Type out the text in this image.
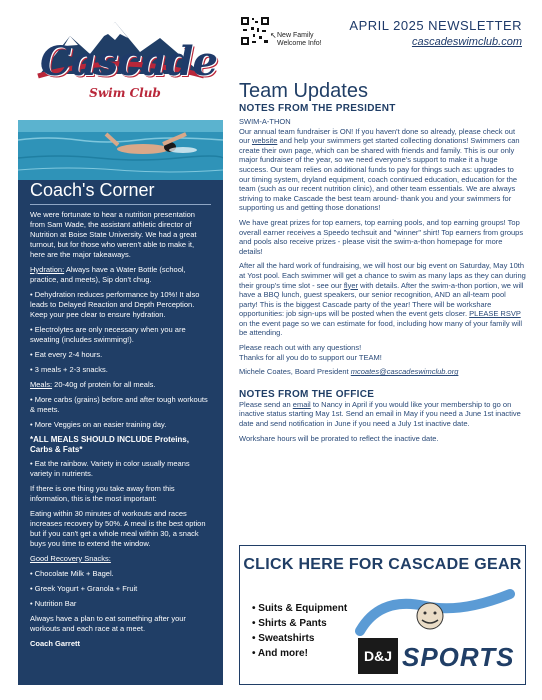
Cascade
Swim Club
↖ New Family
Welcome Info!
APRIL 2025 NEWSLETTER
cascadeswimclub.com
Coach's Corner

We were fortunate to hear a nutrition presentation from Sam Wade, the assistant athletic director of Nutrition at Boise State University. We had a great turnout, but for those who weren't able to make it, here are the major takeaways.

Hydration: Always have a Water Bottle (school, practice, and meets), Sip don't chug.

• Dehydration reduces performance by 10%! It also leads to Delayed Reaction and Depth Perception. Keep your pee clear to ensure hydration.

• Electrolytes are only necessary when you are sweating (includes swimming!).

• Eat every 2-4 hours.

• 3 meals + 2-3 snacks.

Meals: 20-40g of protein for all meals.

• More carbs (grains) before and after tough workouts & meets.

• More Veggies on an easier training day.

*ALL MEALS SHOULD INCLUDE Proteins, Carbs & Fats*

• Eat the rainbow. Variety in color usually means variety in nutrients.

If there is one thing you take away from this information, this is the most important:

Eating within 30 minutes of workouts and races increases recovery by 50%. A meal is the best option but if you can't get a whole meal within 30, a snack buys you time to extend the window.

Good Recovery Snacks:

• Chocolate Milk + Bagel.

• Greek Yogurt + Granola + Fruit

• Nutrition Bar

Always have a plan to eat something after your workouts and each race at a meet.

Coach Garrett

Team Updates

NOTES FROM THE PRESIDENT

SWIM-A-THON

Our annual team fundraiser is ON! If you haven't done so already, please check out our website and help your swimmers get started collecting donations! Swimmers can create their own page, which can be shared with friends and family. This is our only major fundraiser of the year, so we need everyone's support to make it a huge success. Our team relies on additional funds to pay for things such as: upgrades to our timing system, dryland equipment, coach continued education, education for the team (such as our recent nutrition clinic), and other team essentials. We are always striving to make Cascade the best team around- thank you and your swimmers for supporting us and getting those donations!

We have great prizes for top earners, top earning pools, and top earning groups! Top overall earner receives a Speedo techsuit and "winner" shirt! Top earners from groups and pools also receive prizes - please visit the swim-a-thon homepage for more details!

After all the hard work of fundraising, we will host our big event on Saturday, May 10th at Yost pool. Each swimmer will get a chance to swim as many laps as they can during their group's time slot - see our flyer with details. After the swim-a-thon portion, we will have a BBQ lunch, guest speakers, our senior recognition, AND an all-team pool party! This is the biggest Cascade party of the year! There will be workshare opportunities: job sign-ups will be posted when the event gets closer. PLEASE RSVP on the event page so we can estimate for food, including how many of your family will be attending.

Please reach out with any questions!
Thanks for all you do to support our TEAM!

Michele Coates, Board President mcoates@cascadeswimclub.org

NOTES FROM THE OFFICE

Please send an email to Nancy in April if you would like your membership to go on inactive status starting May 1st. Send an email in May if you need a June 1st inactive date and send notification in June if you need a July 1st inactive date.

Workshare hours will be prorated to reflect the inactive date.

CLICK HERE FOR CASCADE GEAR
• Suits & Equipment
• Shirts & Pants
• Sweatshirts
• And more!	D&J SPORTS
